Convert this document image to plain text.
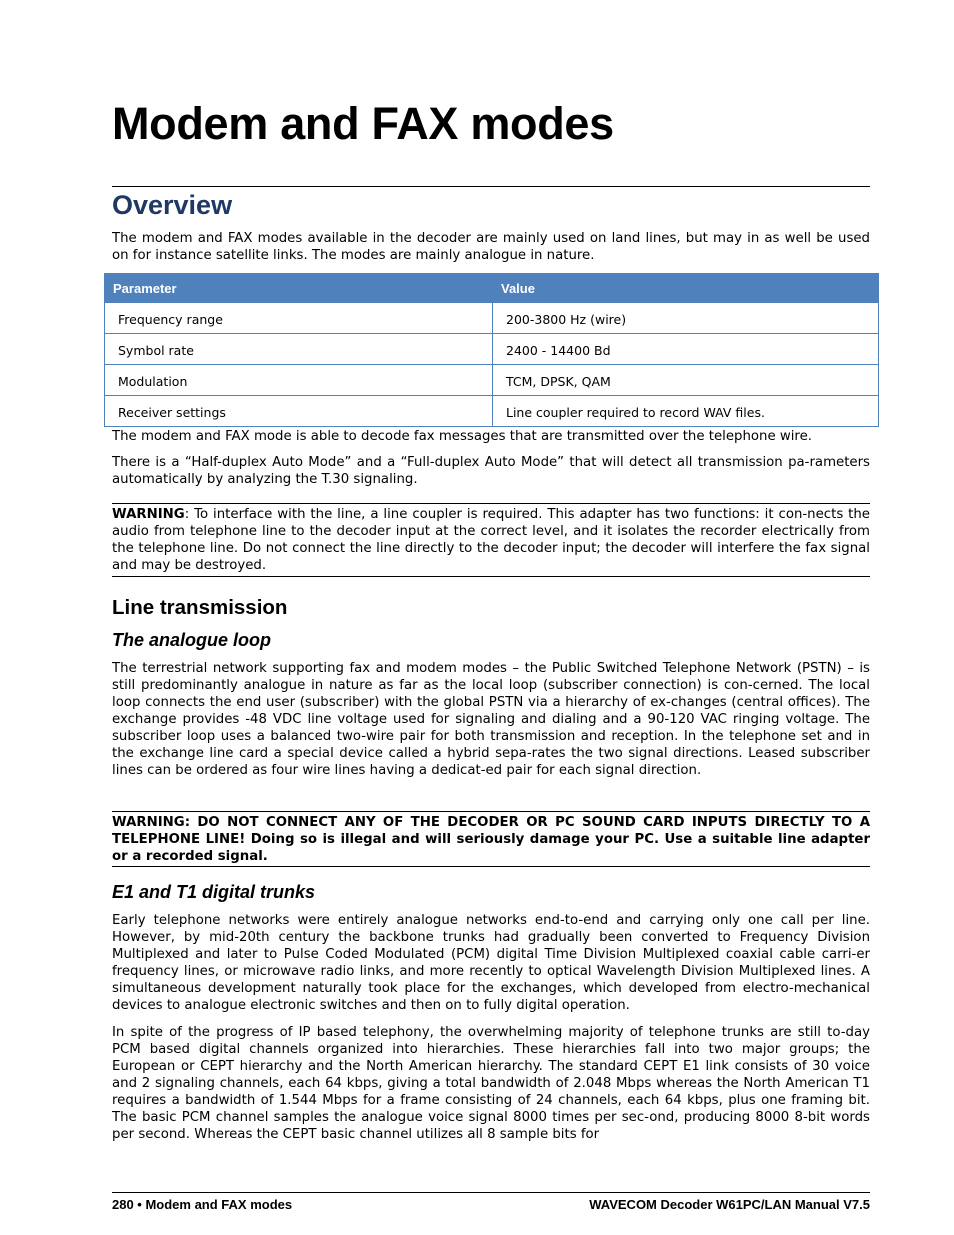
Modem and FAX modes
Overview

The modem and FAX modes available in the decoder are mainly used on land lines, but may in as well be used on for instance satellite links. The modes are mainly analogue in nature.

Parameter	Value
Frequency range	200-3800 Hz (wire)
Symbol rate	2400 - 14400 Bd
Modulation	TCM, DPSK, QAM
Receiver settings	Line coupler required to record WAV files.

The modem and FAX mode is able to decode fax messages that are transmitted over the telephone wire.

There is a “Half-duplex Auto Mode” and a “Full-duplex Auto Mode” that will detect all transmission pa-rameters automatically by analyzing the T.30 signaling.

WARNING: To interface with the line, a line coupler is required. This adapter has two functions: it con-nects the audio from telephone line to the decoder input at the correct level, and it isolates the recorder electrically from the telephone line. Do not connect the line directly to the decoder input; the decoder will interfere the fax signal and may be destroyed.

Line transmission
The analogue loop

The terrestrial network supporting fax and modem modes – the Public Switched Telephone Network (PSTN) – is still predominantly analogue in nature as far as the local loop (subscriber connection) is con-cerned. The local loop connects the end user (subscriber) with the global PSTN via a hierarchy of ex-changes (central offices). The exchange provides -48 VDC line voltage used for signaling and dialing and a 90-120 VAC ringing voltage. The subscriber loop uses a balanced two-wire pair for both transmission and reception. In the telephone set and in the exchange line card a special device called a hybrid sepa-rates the two signal directions. Leased subscriber lines can be ordered as four wire lines having a dedicat-ed pair for each signal direction.

WARNING: DO NOT CONNECT ANY OF THE DECODER OR PC SOUND CARD INPUTS DIRECTLY TO A TELEPHONE LINE! Doing so is illegal and will seriously damage your PC. Use a suitable line adapter or a recorded signal.

E1 and T1 digital trunks

Early telephone networks were entirely analogue networks end-to-end and carrying only one call per line. However, by mid-20th century the backbone trunks had gradually been converted to Frequency Division Multiplexed and later to Pulse Coded Modulated (PCM) digital Time Division Multiplexed coaxial cable carri-er frequency lines, or microwave radio links, and more recently to optical Wavelength Division Multiplexed lines. A simultaneous development naturally took place for the exchanges, which developed from electro-mechanical devices to analogue electronic switches and then on to fully digital operation.

In spite of the progress of IP based telephony, the overwhelming majority of telephone trunks are still to-day PCM based digital channels organized into hierarchies. These hierarchies fall into two major groups; the European or CEPT hierarchy and the North American hierarchy. The standard CEPT E1 link consists of 30 voice and 2 signaling channels, each 64 kbps, giving a total bandwidth of 2.048 Mbps whereas the North American T1 requires a bandwidth of 1.544 Mbps for a frame consisting of 24 channels, each 64 kbps, plus one framing bit. The basic PCM channel samples the analogue voice signal 8000 times per sec-ond, producing 8000 8-bit words per second. Whereas the CEPT basic channel utilizes all 8 sample bits for

280 • Modem and FAX modes	WAVECOM Decoder W61PC/LAN Manual V7.5
